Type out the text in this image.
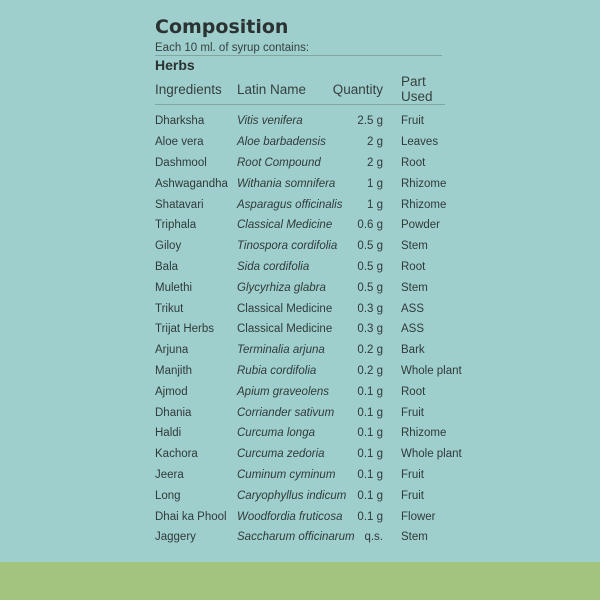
Composition
Each 10 ml. of syrup contains:
Herbs
Ingredients	Latin Name	Quantity	Part Used

Dharksha	Vitis venifera	2.5 g	Fruit
Aloe vera	Aloe barbadensis	2 g	Leaves
Dashmool	Root Compound	2 g	Root
Ashwagandha	Withania somnifera	1 g	Rhizome
Shatavari	Asparagus officinalis	1 g	Rhizome
Triphala	Classical Medicine	0.6 g	Powder
Giloy	Tinospora cordifolia	0.5 g	Stem
Bala	Sida cordifolia	0.5 g	Root
Mulethi	Glycyrhiza glabra	0.5 g	Stem
Trikut	Classical Medicine	0.3 g	ASS
Trijat Herbs	Classical Medicine	0.3 g	ASS
Arjuna	Terminalia arjuna	0.2 g	Bark
Manjith	Rubia cordifolia	0.2 g	Whole plant
Ajmod	Apium graveolens	0.1 g	Root
Dhania	Corriander sativum	0.1 g	Fruit
Haldi	Curcuma longa	0.1 g	Rhizome
Kachora	Curcuma zedoria	0.1 g	Whole plant
Jeera	Cuminum cyminum	0.1 g	Fruit
Long	Caryophyllus indicum	0.1 g	Fruit
Dhai ka Phool	Woodfordia fruticosa	0.1 g	Flower
Jaggery	Saccharum officinarum	q.s.	Stem
